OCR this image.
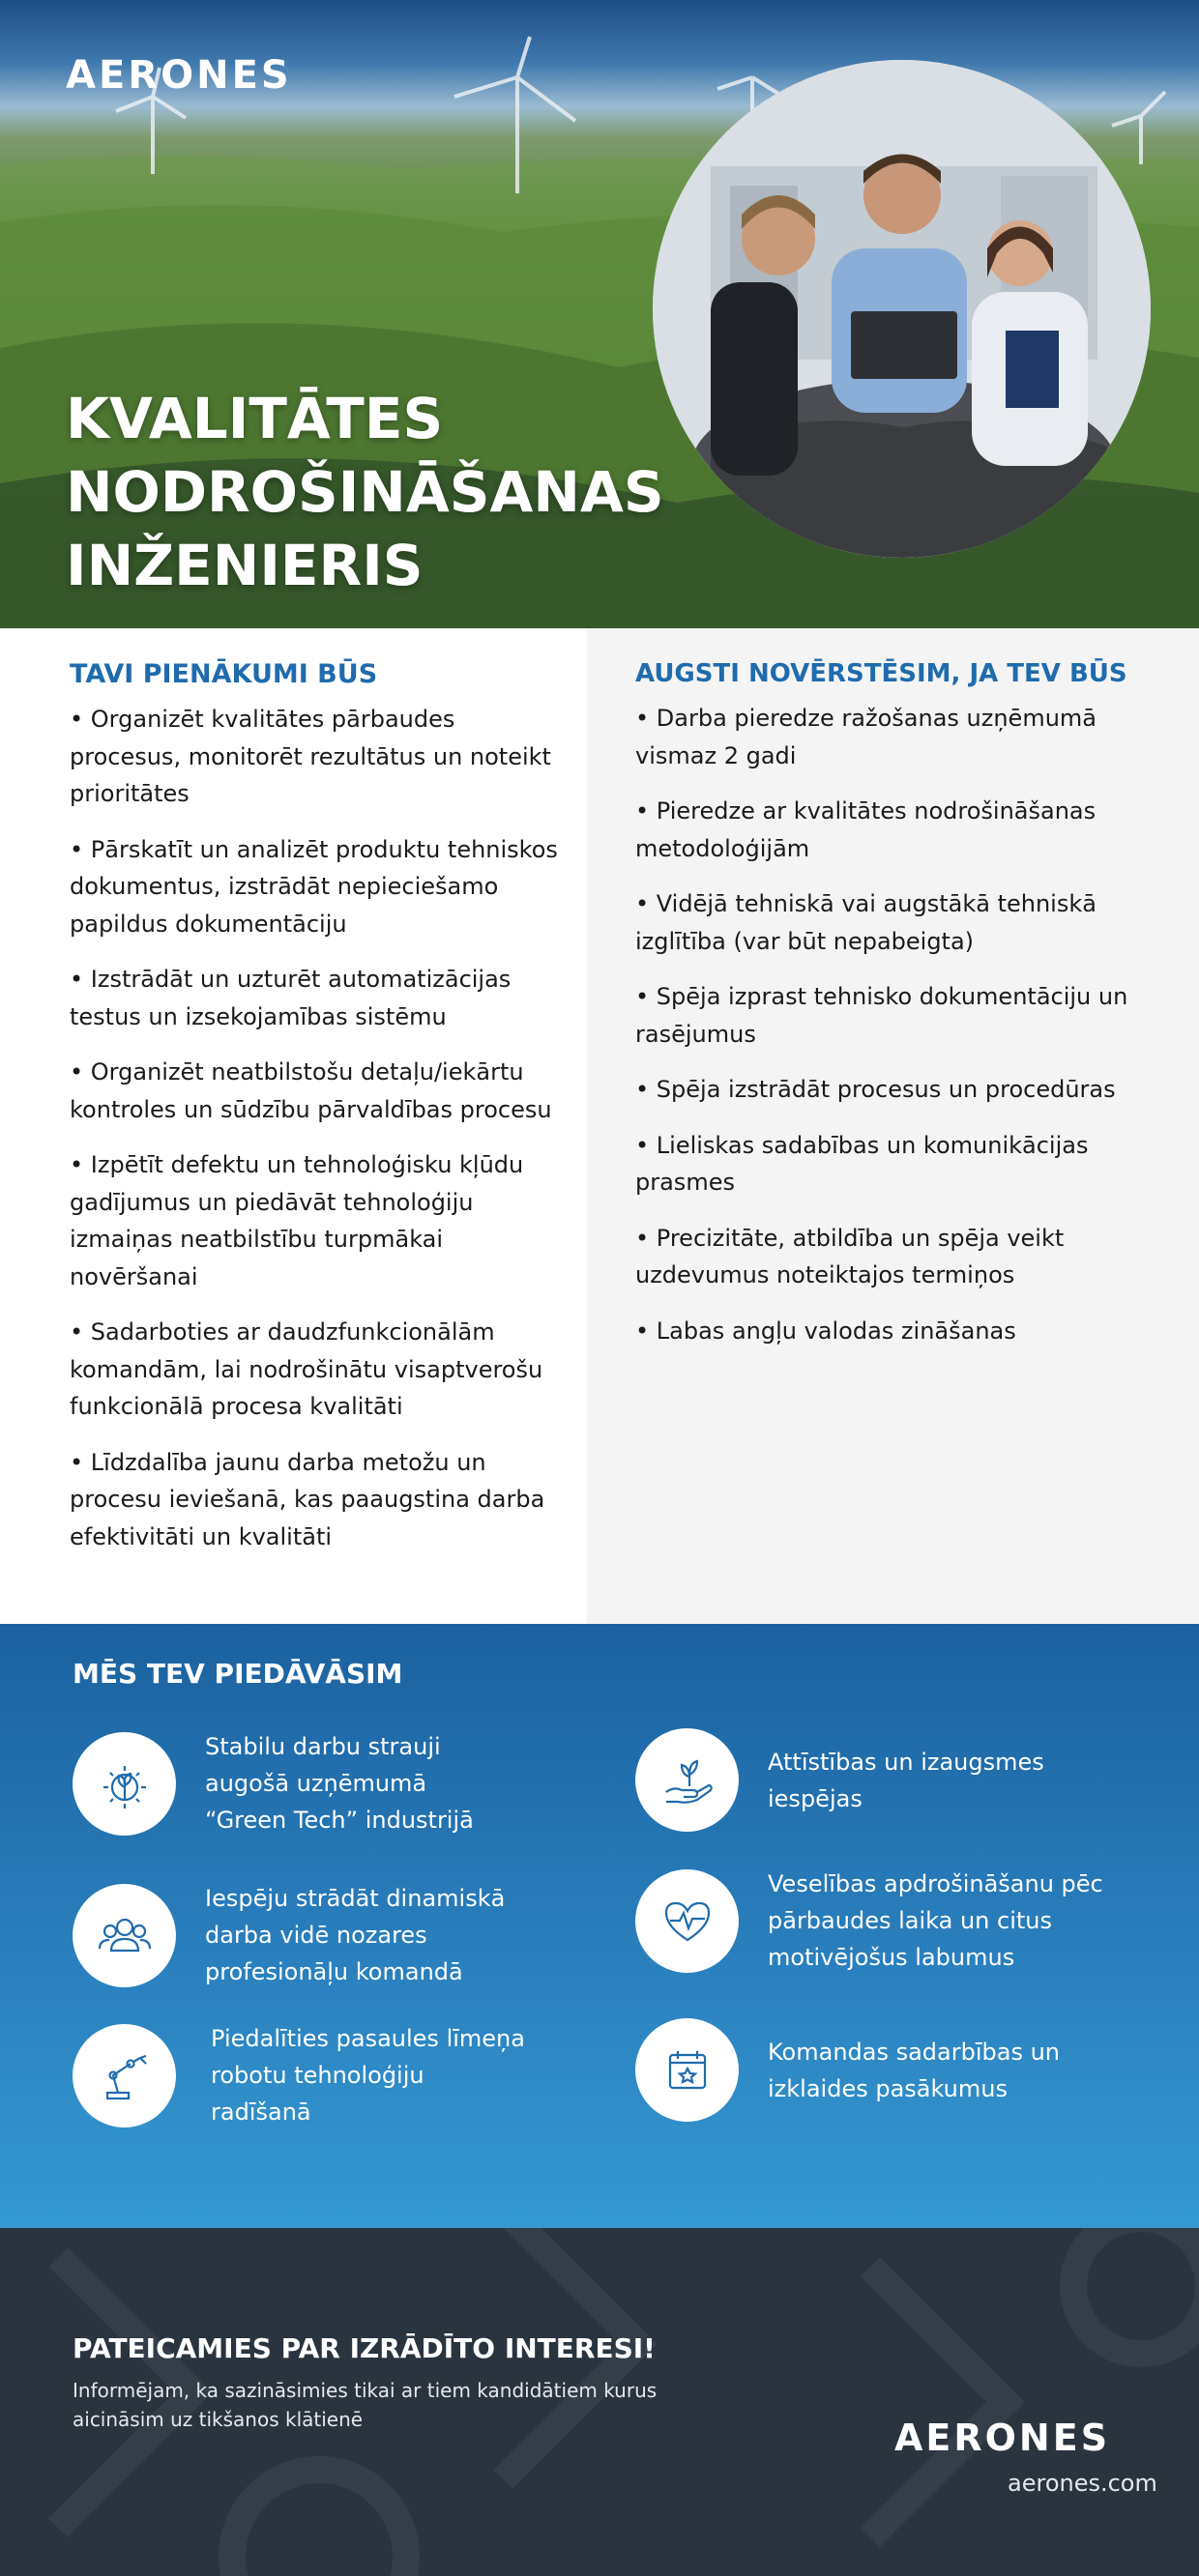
AERONES
KVALITĀTES
NODROŠINĀŠANAS
INŽENIERIS
TAVI PIENĀKUMI BŪS
• Organizēt kvalitātes pārbaudes procesus, monitorēt rezultātus un noteikt prioritātes
• Pārskatīt un analizēt produktu tehniskos dokumentus, izstrādāt nepieciešamo papildus dokumentāciju
• Izstrādāt un uzturēt automatizācijas testus un izsekojamības sistēmu
• Organizēt neatbilstošu detaļu/iekārtu kontroles un sūdzību pārvaldības procesu
• Izpētīt defektu un tehnoloģisku kļūdu gadījumus un piedāvāt tehnoloģiju izmaiņas neatbilstību turpmākai novēršanai
• Sadarboties ar daudzfunkcionālām komandām, lai nodrošinātu visaptverošu funkcionālā procesa kvalitāti
• Līdzdalība jaunu darba metožu un procesu ieviešanā, kas paaugstina darba efektivitāti un kvalitāti
AUGSTI NOVĒRSTĒSIM, JA TEV BŪS
• Darba pieredze ražošanas uzņēmumā vismaz 2 gadi
• Pieredze ar kvalitātes nodrošināšanas metodoloģijām
• Vidējā tehniskā vai augstākā tehniskā izglītība (var būt nepabeigta)
• Spēja izprast tehnisko dokumentāciju un rasējumus
• Spēja izstrādāt procesus un procedūras
• Lieliskas sadabības un komunikācijas prasmes
• Precizitāte, atbildība un spēja veikt uzdevumus noteiktajos termiņos
• Labas angļu valodas zināšanas
MĒS TEV PIEDĀVĀSIM
Stabilu darbu strauji augošā uzņēmumā “Green Tech” industrijā
Attīstības un izaugsmes iespējas
Iespēju strādāt dinamiskā darba vidē nozares profesionāļu komandā
Veselības apdrošināšanu pēc pārbaudes laika un citus motivējošus labumus
Piedalīties pasaules līmeņa robotu tehnoloģiju radīšanā
Komandas sadarbības un izklaides pasākumus
PATEICAMIES PAR IZRĀDĪTO INTERESI!

Informējam, ka sazināsimies tikai ar tiem kandidātiem kurus aicināsim uz tikšanos klātienē	AERONES
aerones.com
